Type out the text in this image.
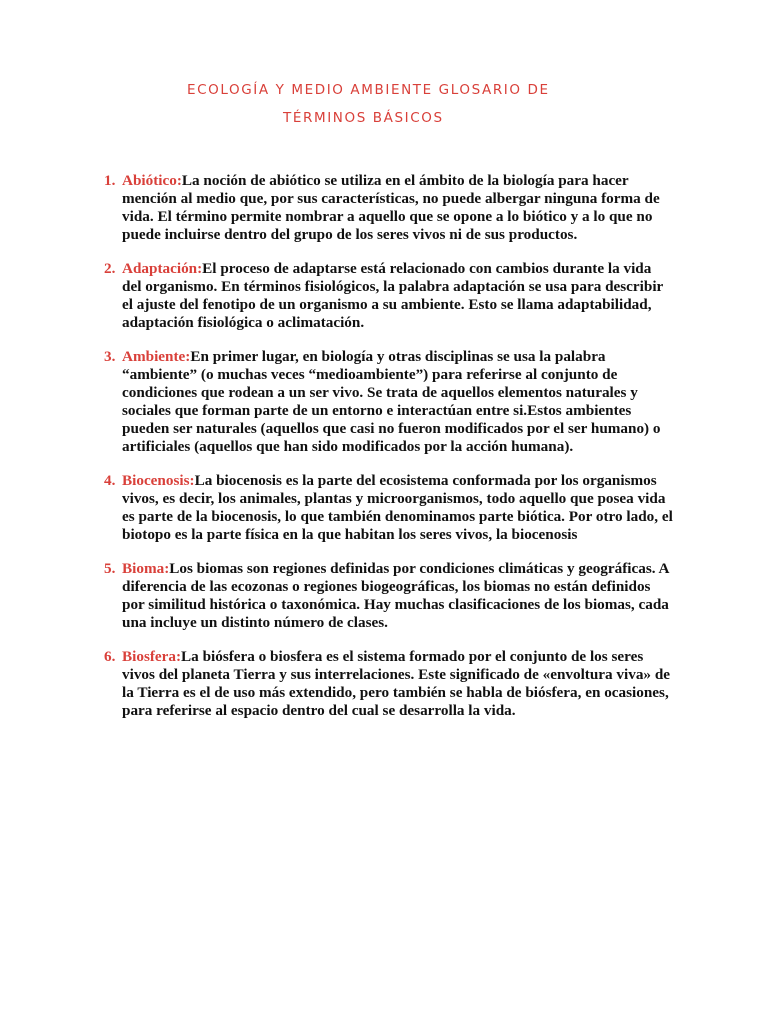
ECOLOGÍA Y MEDIO AMBIENTE GLOSARIO DE
TÉRMINOS BÁSICOS
1. Abiótico:La noción de abiótico se utiliza en el ámbito de la biología para hacer mención al medio que, por sus características, no puede albergar ninguna forma de vida. El término permite nombrar a aquello que se opone a lo biótico y a lo que no puede incluirse dentro del grupo de los seres vivos ni de sus productos.
2. Adaptación:El proceso de adaptarse está relacionado con cambios durante la vida del organismo. En términos fisiológicos, la palabra adaptación se usa para describir el ajuste del fenotipo de un organismo a su ambiente. Esto se llama adaptabilidad, adaptación fisiológica o aclimatación.
3. Ambiente:En primer lugar, en biología y otras disciplinas se usa la palabra “ambiente” (o muchas veces “medioambiente”) para referirse al conjunto de condiciones que rodean a un ser vivo. Se trata de aquellos elementos naturales y sociales que forman parte de un entorno e interactúan entre si.Estos ambientes pueden ser naturales (aquellos que casi no fueron modificados por el ser humano) o artificiales (aquellos que han sido modificados por la acción humana).
4. Biocenosis:La biocenosis es la parte del ecosistema conformada por los organismos vivos, es decir, los animales, plantas y microorganismos, todo aquello que posea vida es parte de la biocenosis, lo que también denominamos parte biótica. Por otro lado, el biotopo es la parte física en la que habitan los seres vivos, la biocenosis
5. Bioma:Los biomas son regiones definidas por condiciones climáticas y geográficas. A diferencia de las ecozonas o regiones biogeográficas, los biomas no están definidos por similitud histórica o taxonómica. Hay muchas clasificaciones de los biomas, cada una incluye un distinto número de clases.
6. Biosfera:La biósfera o biosfera es el sistema formado por el conjunto de los seres vivos del planeta Tierra y sus interrelaciones. Este significado de «envoltura viva» de la Tierra es el de uso más extendido, pero también se habla de biósfera, en ocasiones, para referirse al espacio dentro del cual se desarrolla la vida.
